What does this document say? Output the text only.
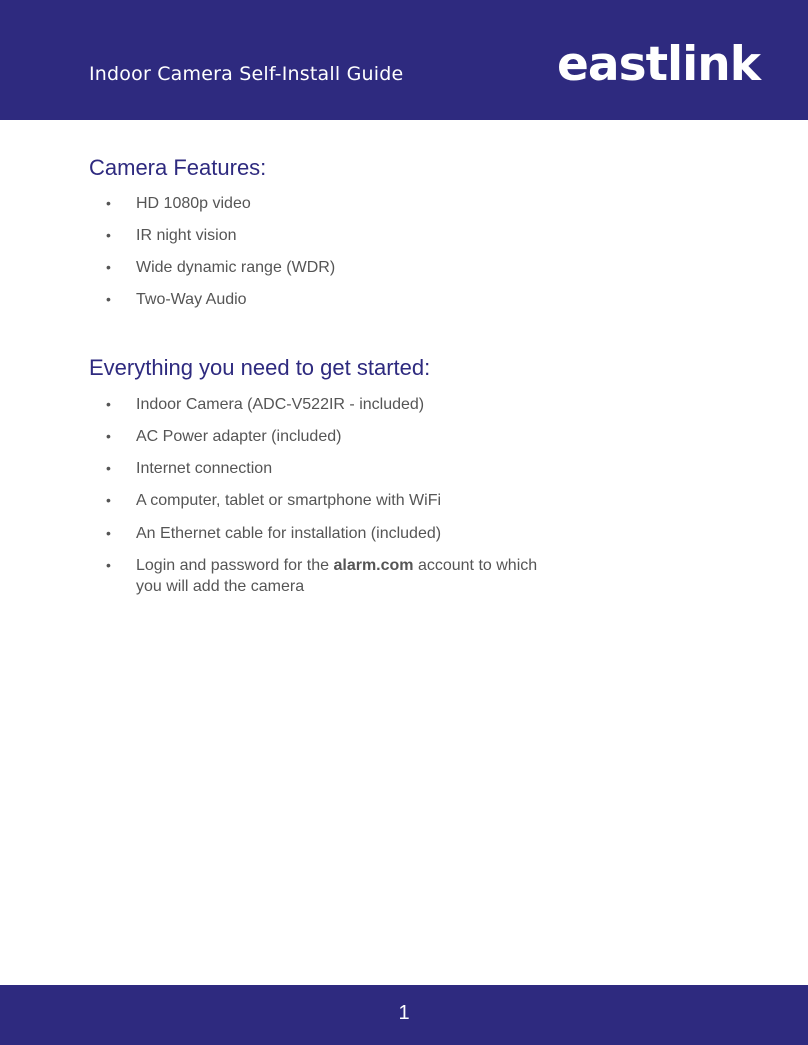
Indoor Camera Self-Install Guide	eastlink
Camera Features:
• HD 1080p video
• IR night vision
• Wide dynamic range (WDR)
• Two-Way Audio
Everything you need to get started:
• Indoor Camera (ADC-V522IR - included)
• AC Power adapter (included)
• Internet connection
• A computer, tablet or smartphone with WiFi
• An Ethernet cable for installation (included)
• Login and password for the alarm.com account to which you will add the camera
1
